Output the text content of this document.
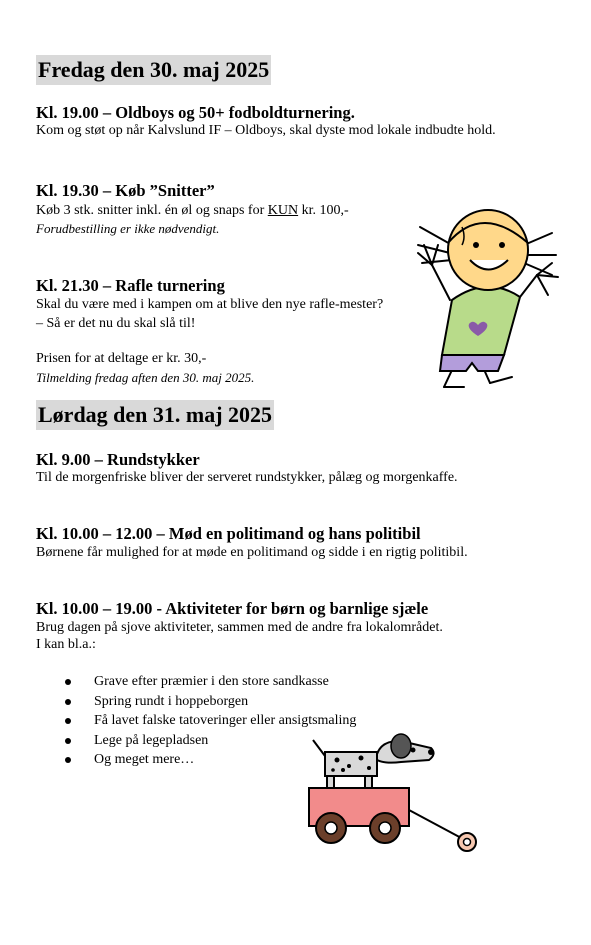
Fredag den 30. maj 2025
Kl. 19.00 – Oldboys og 50+ fodboldturnering.
Kom og støt op når Kalvslund IF – Oldboys, skal dyste mod lokale indbudte hold.
Kl. 19.30 – Køb ”Snitter”
Køb 3 stk. snitter inkl. én øl og snaps for KUN kr. 100,-
Forudbestilling er ikke nødvendigt.
Kl. 21.30 – Rafle turnering
Skal du være med i kampen om at blive den nye rafle-mester?
– Så er det nu du skal slå til!
Prisen for at deltage er kr. 30,-
Tilmelding fredag aften den 30. maj 2025.
Lørdag den 31. maj 2025
Kl. 9.00 – Rundstykker
Til de morgenfriske bliver der serveret rundstykker, pålæg og morgenkaffe.
Kl. 10.00 – 12.00 – Mød en politimand og hans politibil
Børnene får mulighed for at møde en politimand og sidde i en rigtig politibil.
Kl. 10.00 – 19.00 - Aktiviteter for børn og barnlige sjæle
Brug dagen på sjove aktiviteter, sammen med de andre fra lokalområdet.
I kan bl.a.:
Grave efter præmier i den store sandkasse
Spring rundt i hoppeborgen
Få lavet falske tatoveringer eller ansigtsmaling
Lege på legepladsen
Og meget mere…
